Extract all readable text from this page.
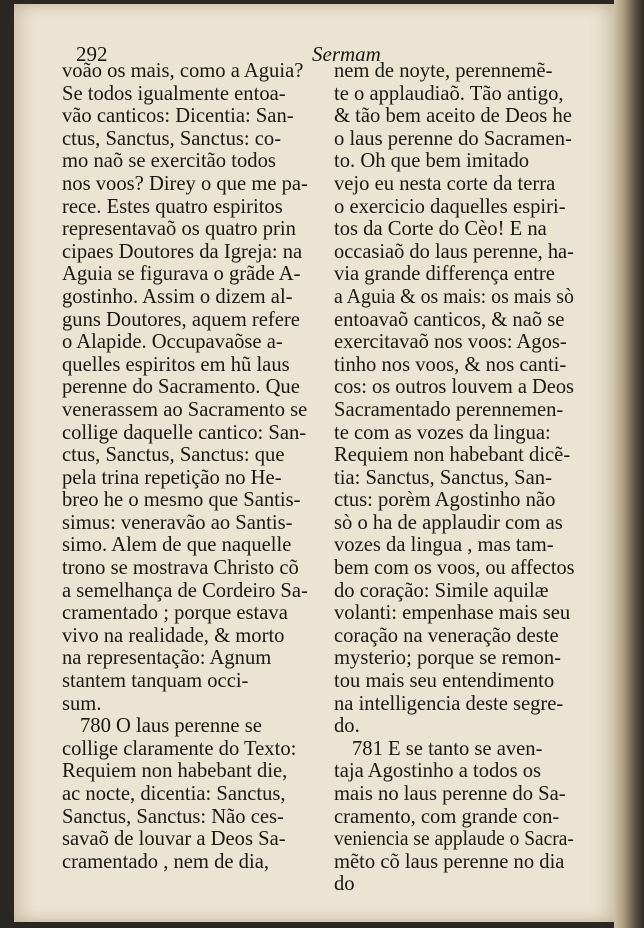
292	Sermam
voão os mais, como a Aguia?
Se todos igualmente entoa-
vão canticos: Dicentia: San-
ctus, Sanctus, Sanctus: co-
mo naõ se exercitão todos
nos voos? Direy o que me pa-
rece. Estes quatro espiritos
representavaõ os quatro prin
cipaes Doutores da Igreja: na
Aguia se figurava o grãde A-
gostinho. Assim o dizem al-
guns Doutores, aquem refere
o Alapide. Occupavaõse a-
quelles espiritos em hũ laus
perenne do Sacramento. Que
venerassem ao Sacramento se
collige daquelle cantico: San-
ctus, Sanctus, Sanctus: que
pela trina repetição no He-
breo he o mesmo que Santis-
simus: veneravão ao Santis-
simo. Alem de que naquelle
trono se mostrava Christo cõ
a semelhança de Cordeiro Sa-
cramentado ; porque estava
vivo na realidade, & morto
na representação: Agnum
stantem tanquam occi-
sum.
780 O laus perenne se
collige claramente do Texto:
Requiem non habebant die,
ac nocte, dicentia: Sanctus,
Sanctus, Sanctus: Não ces-
savaõ de louvar a Deos Sa-
cramentado , nem de dia,
nem de noyte, perennemẽ-
te o applaudiaõ. Tão antigo,
& tão bem aceito de Deos he
o laus perenne do Sacramen-
to. Oh que bem imitado
vejo eu nesta corte da terra
o exercicio daquelles espiri-
tos da Corte do Cèo! E na
occasiaõ do laus perenne, ha-
via grande differença entre
a Aguia & os mais: os mais sò
entoavaõ canticos, & naõ se
exercitavaõ nos voos: Agos-
tinho nos voos, & nos canti-
cos: os outros louvem a Deos
Sacramentado perennemen-
te com as vozes da lingua:
Requiem non habebant dicẽ-
tia: Sanctus, Sanctus, San-
ctus: porèm Agostinho não
sò o ha de applaudir com as
vozes da lingua , mas tam-
bem com os voos, ou affectos
do coração: Simile aquilæ
volanti: empenhase mais seu
coração na veneração deste
mysterio; porque se remon-
tou mais seu entendimento
na intelligencia deste segre-
do.
781 E se tanto se aven-
taja Agostinho a todos os
mais no laus perenne do Sa-
cramento, com grande con-
veniencia se applaude o Sacra-
mẽto cõ laus perenne no dia
do
